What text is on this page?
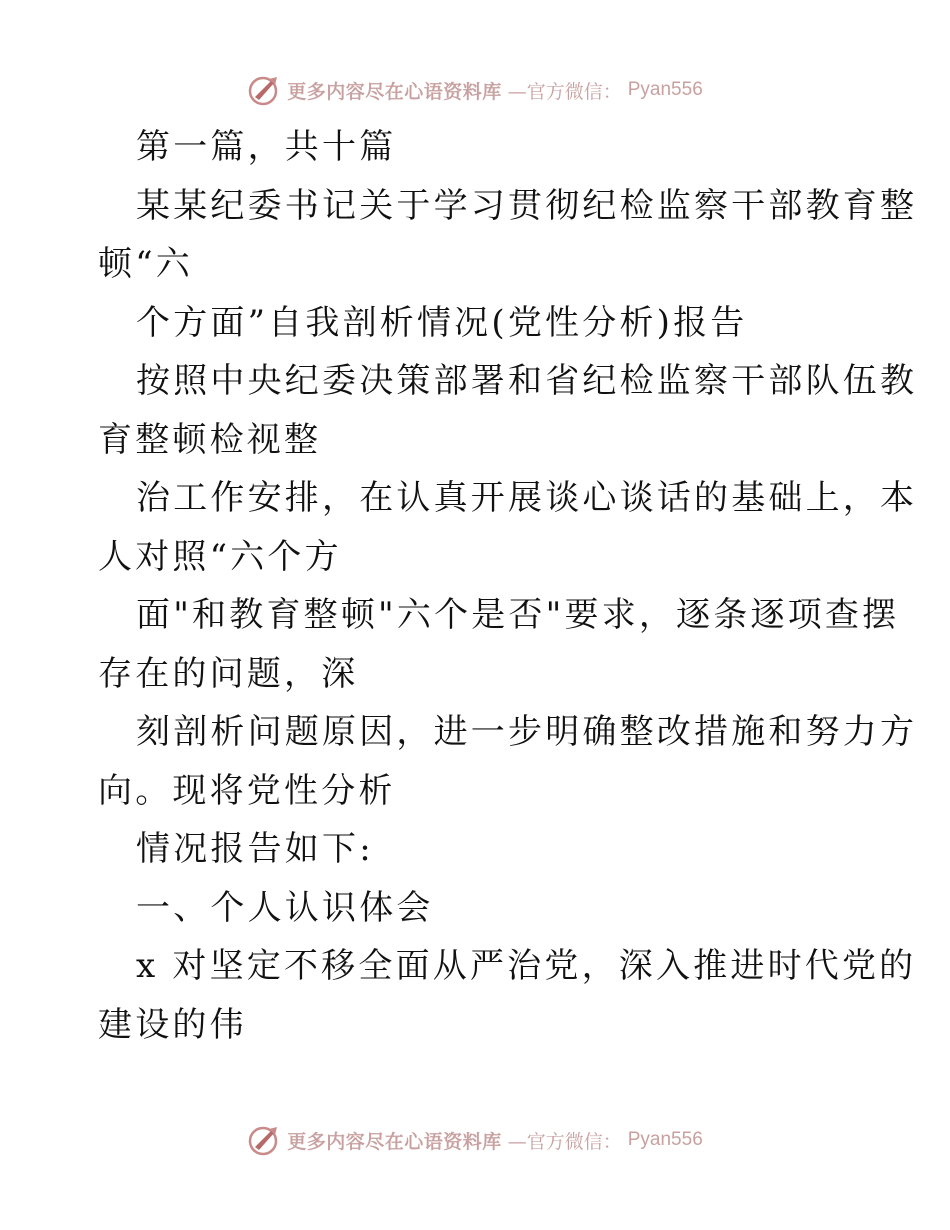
更多内容尽在心语资料库 —官方微信： Pyan556
第一篇，共十篇
某某纪委书记关于学习贯彻纪检监察干部教育整
顿“六
个方面”自我剖析情况(党性分析)报告
按照中央纪委决策部署和省纪检监察干部队伍教
育整顿检视整
治工作安排，在认真开展谈心谈话的基础上，本
人对照“六个方
面"和教育整顿"六个是否"要求，逐条逐项查摆
存在的问题，深
刻剖析问题原因，进一步明确整改措施和努力方
向。现将党性分析
情况报告如下:
一、个人认识体会
x 对坚定不移全面从严治党，深入推进时代党的
建设的伟
更多内容尽在心语资料库 —官方微信： Pyan556
